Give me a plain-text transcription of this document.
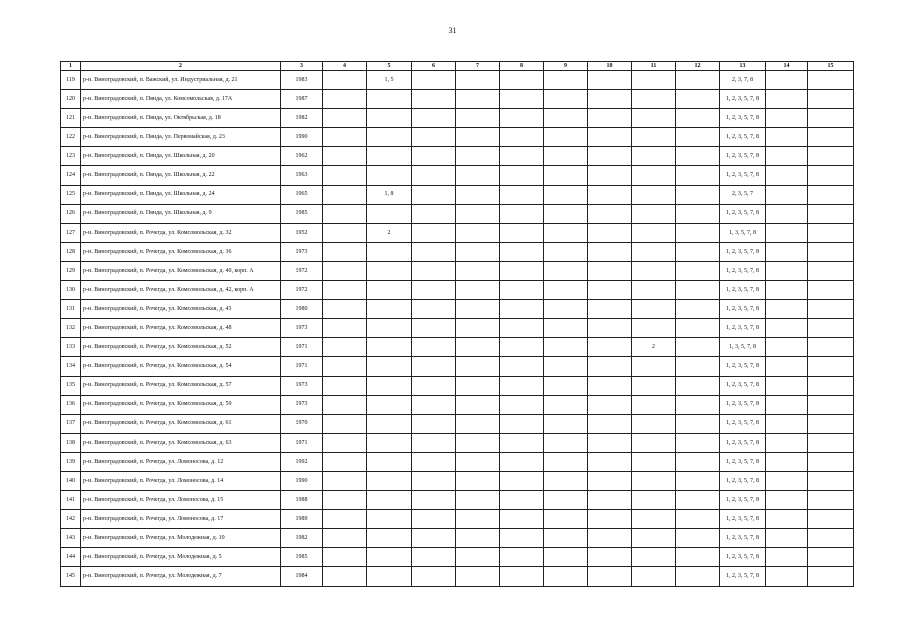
31
1	2	3	4	5	6	7	8	9	10	11	12	13	14	15
119	р-н. Виноградовский, п. Важский, ул. Индустриальная, д. 21	1983		1, 5								2, 3, 7, 8		
120	р-н. Виноградовский, п. Пянда, ул. Комсомольская, д. 17А	1987										1, 2, 3, 5, 7, 8		
121	р-н. Виноградовский, п. Пянда, ул. Октябрьская, д. 18	1982										1, 2, 3, 5, 7, 8		
122	р-н. Виноградовский, п. Пянда, ул. Первомайская, д. 23	1990										1, 2, 3, 5, 7, 8		
123	р-н. Виноградовский, п. Пянда, ул. Школьная, д. 20	1962										1, 2, 3, 5, 7, 8		
124	р-н. Виноградовский, п. Пянда, ул. Школьная, д. 22	1963										1, 2, 3, 5, 7, 8		
125	р-н. Виноградовский, п. Пянда, ул. Школьная, д. 24	1965		1, 8								2, 3, 5, 7		
126	р-н. Виноградовский, п. Пянда, ул. Школьная, д. 9	1985										1, 2, 3, 5, 7, 8		
127	р-н. Виноградовский, п. Рочегда, ул. Комсомольская, д. 32	1952		2								1, 3, 5, 7, 8		
128	р-н. Виноградовский, п. Рочегда, ул. Комсомольская, д. 36	1973										1, 2, 3, 5, 7, 8		
129	р-н. Виноградовский, п. Рочегда, ул. Комсомольская, д. 40, корп. А	1972										1, 2, 3, 5, 7, 8		
130	р-н. Виноградовский, п. Рочегда, ул. Комсомольская, д. 42, корп. А	1972										1, 2, 3, 5, 7, 8		
131	р-н. Виноградовский, п. Рочегда, ул. Комсомольская, д. 43	1980										1, 2, 3, 5, 7, 8		
132	р-н. Виноградовский, п. Рочегда, ул. Комсомольская, д. 48	1973										1, 2, 3, 5, 7, 8		
133	р-н. Виноградовский, п. Рочегда, ул. Комсомольская, д. 52	1971								2		1, 3, 5, 7, 8		
134	р-н. Виноградовский, п. Рочегда, ул. Комсомольская, д. 54	1971										1, 2, 3, 5, 7, 8		
135	р-н. Виноградовский, п. Рочегда, ул. Комсомольская, д. 57	1973										1, 2, 3, 5, 7, 8		
136	р-н. Виноградовский, п. Рочегда, ул. Комсомольская, д. 59	1973										1, 2, 3, 5, 7, 8		
137	р-н. Виноградовский, п. Рочегда, ул. Комсомольская, д. 61	1970										1, 2, 3, 5, 7, 8		
138	р-н. Виноградовский, п. Рочегда, ул. Комсомольская, д. 63	1971										1, 2, 3, 5, 7, 8		
139	р-н. Виноградовский, п. Рочегда, ул. Ломоносова, д. 12	1992										1, 2, 3, 5, 7, 8		
140	р-н. Виноградовский, п. Рочегда, ул. Ломоносова, д. 14	1990										1, 2, 3, 5, 7, 8		
141	р-н. Виноградовский, п. Рочегда, ул. Ломоносова, д. 15	1988										1, 2, 3, 5, 7, 8		
142	р-н. Виноградовский, п. Рочегда, ул. Ломоносова, д. 17	1989										1, 2, 3, 5, 7, 8		
143	р-н. Виноградовский, п. Рочегда, ул. Молодежная, д. 10	1982										1, 2, 3, 5, 7, 8		
144	р-н. Виноградовский, п. Рочегда, ул. Молодежная, д. 5	1985										1, 2, 3, 5, 7, 8		
145	р-н. Виноградовский, п. Рочегда, ул. Молодежная, д. 7	1984										1, 2, 3, 5, 7, 8		
